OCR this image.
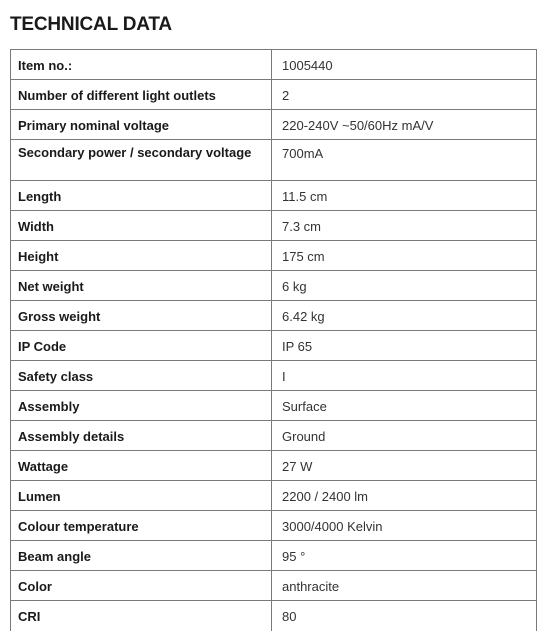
TECHNICAL DATA
Item no.:	1005440
Number of different light outlets	2
Primary nominal voltage	220-240V ~50/60Hz mA/V
Secondary power / secondary voltage	700mA
Length	11.5 cm
Width	7.3 cm
Height	175 cm
Net weight	6 kg
Gross weight	6.42 kg
IP Code	IP 65
Safety class	I
Assembly	Surface
Assembly details	Ground
Wattage	27 W
Lumen	2200 / 2400 lm
Colour temperature	3000/4000 Kelvin
Beam angle	95 °
Color	anthracite
CRI	80
